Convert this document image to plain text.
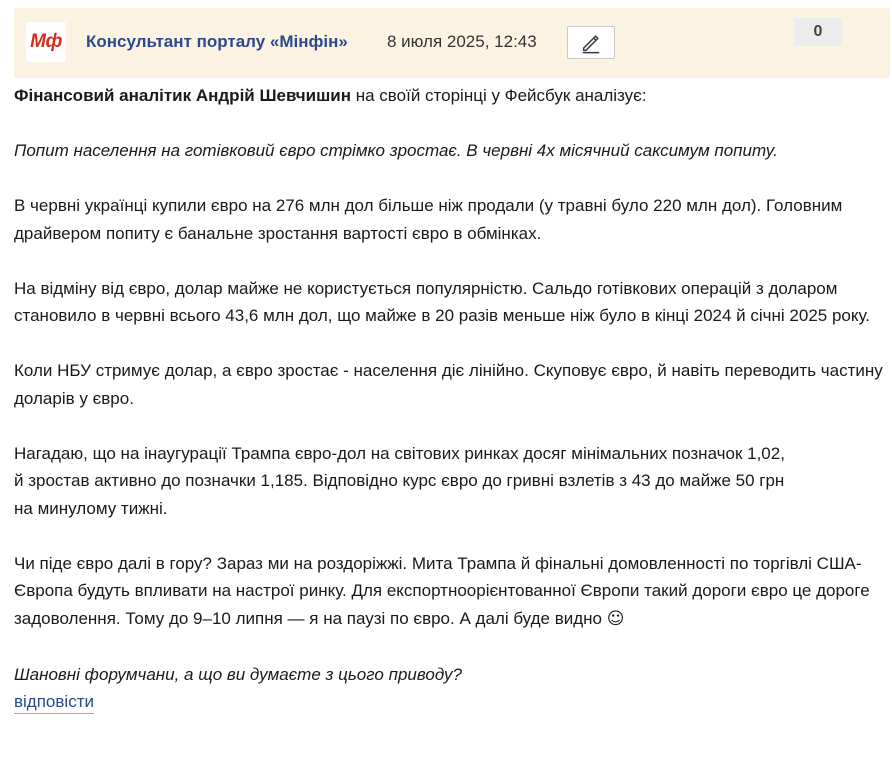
Мф Консультант порталу «Мінфін» 8 июля 2025, 12:43
0

Фінансовий аналітик Андрій Шевчишин на своїй сторінці у Фейсбук аналізує:

Попит населення на готівковий євро стрімко зростає. В червні 4х місячний саксимум попиту.

В червні українці купили євро на 276 млн дол більше ніж продали (у травні було 220 млн дол). Головним драйвером попиту є банальне зростання вартості євро в обмінках.

На відміну від євро, долар майже не користується популярністю. Сальдо готівкових операцій з доларом становило в червні всього 43,6 млн дол, що майже в 20 разів меньше ніж було в кінці 2024 й січні 2025 року.

Коли НБУ стримує долар, а євро зростає - населення діє лінійно. Скуповує євро, й навіть переводить частину доларів у євро.

Нагадаю, що на інаугурації Трампа євро-дол на світових ринках досяг мінімальних позначок 1,02,
й зростав активно до позначки 1,185. Відповідно курс євро до гривні взлетів з 43 до майже 50 грн
на минулому тижні.

Чи піде євро далі в гору? Зараз ми на роздоріжжі. Мита Трампа й фінальні домовленності по торгівлі США-Європа будуть впливати на настрої ринку. Для експортноорієнтованної Європи такий дороги євро це дороге задоволення. Тому до 9–10 липня — я на паузі по євро. А далі буде видно ☺

Шановні форумчани, а що ви думаєте з цього приводу?

відповісти
